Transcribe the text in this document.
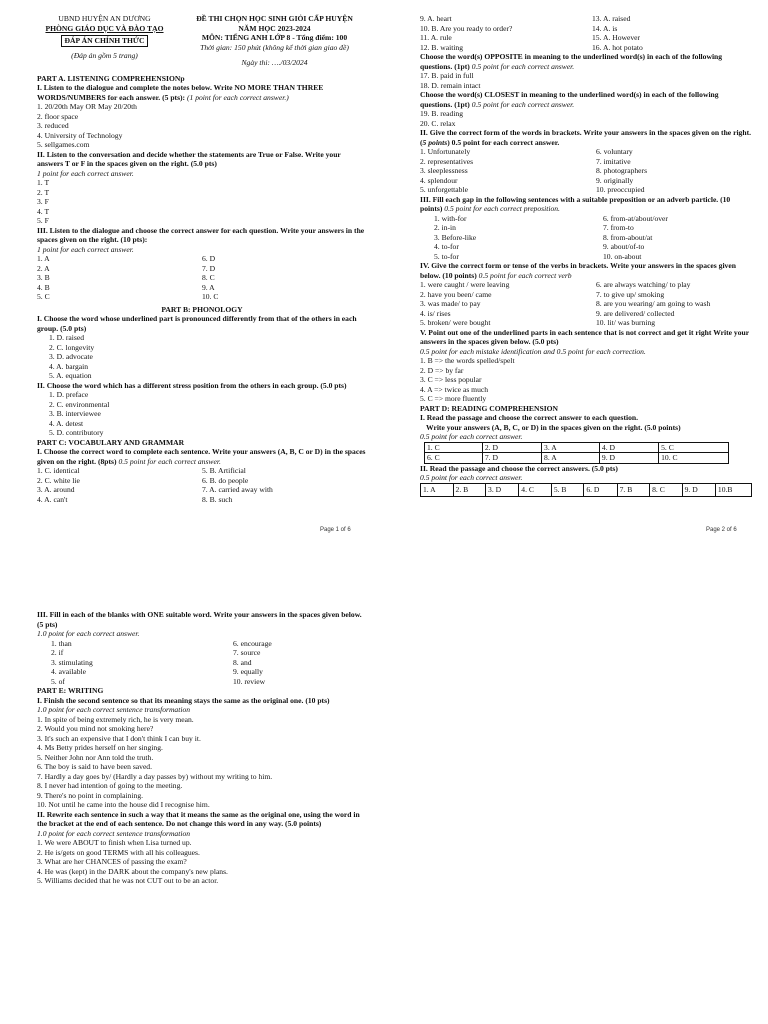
UBND HUYỆN AN DƯƠNG
PHÒNG GIÁO DỤC VÀ ĐÀO TẠO
ĐÁP ÁN CHÍNH THỨC
(Đáp án gồm 5 trang)
ĐỀ THI CHỌN HỌC SINH GIỎI CẤP HUYỆN
NĂM HỌC 2023-2024
MÔN: TIẾNG ANH LỚP 8 - Tổng điểm: 100
Thời gian: 150 phút (không kể thời gian giao đề)
Ngày thi: …./03/2024
PART A. LISTENING COMPREHENSIONp
I. Listen to the dialogue and complete the notes below. Write NO MORE THAN THREE WORDS/NUMBERS for each answer. (5 pts): (1 point for each correct answer.)
1. 20/20th May OR May 20/20th
2. floor space
3. reduced
4. University of Technology
5. sellgames.com
II. Listen to the conversation and decide whether the statements are True or False. Write your answers T or F in the spaces given on the right. (5.0 pts)
1 point for each correct answer.
1. T
2. T
3. F
4. T
5. F
III. Listen to the dialogue and choose the correct answer for each question. Write your answers in the spaces given on the right. (10 pts):
1 point for each correct answer.
1. A	6. D
2. A	7. D
3. B	8. C
4. B	9. A
5. C	10. C
PART B: PHONOLOGY
I. Choose the word whose underlined part is pronounced differently from that of the others in each group. (5.0 pts)
1. D. raised
2. C. longevity
3. D. advocate
4. A. bargain
5. A. equation
II. Choose the word which has a different stress position from the others in each group. (5.0 pts)
1. D. preface
2. C. environmental
3. B. interviewee
4. A. detest
5. D. contributory
PART C: VOCABULARY AND GRAMMAR
I. Choose the correct word to complete each sentence. Write your answers (A, B, C or D) in the spaces given on the right. (8pts) 0.5 point for each correct answer.
1. C. identical	5. B. Artificial
2. C. white lie	6. B. do people
3. A. around	7. A. carried away with
4. A. can't	8. B. such
Page 1 of 6
9. A. heart	13. A. raised
10. B. Are you ready to order?	14. A. is
11. A. rule	15. A. However
12. B. waiting	16. A. hot potato
Choose the word(s) OPPOSITE in meaning to the underlined word(s) in each of the following questions. (1pt) 0.5 point for each correct answer.
17. B. paid in full
18. D. remain intact
Choose the word(s) CLOSEST in meaning to the underlined word(s) in each of the following questions. (1pt) 0.5 point for each correct answer.
19. B. reading
20. C. relax
II. Give the correct form of the words in brackets. Write your answers in the spaces given on the right. (5 points) 0.5 point for each correct answer.
1. Unfortunately	6. voluntary
2. representatives	7. imitative
3. sleeplessness	8. photographers
4. splendour	9. originally
5. unforgettable	10. preoccupied
III. Fill each gap in the following sentences with a suitable preposition or an adverb particle. (10 points) 0.5 point for each correct preposition.
1. with-for	6. from-at/about/over
2. in-in	7. from-to
3. Before-like	8. from-about/at
4. to-for	9. about/of-to
5. to-for	10. on-about
IV. Give the correct form or tense of the verbs in brackets. Write your answers in the spaces given below. (10 points) 0.5 point for each correct verb
1. were caught / were leaving	6. are always watching/ to play
2. have you been/ came	7. to give up/ smoking
3. was made/ to pay	8. are you wearing/ am going to wash
4. is/ rises	9. are delivered/ collected
5. broken/ were bought	10. lit/ was burning
V. Point out one of the underlined parts in each sentence that is not correct and get it right Write your answers in the spaces given below. (5.0 pts)
0.5 point for each mistake identification and 0.5 point for each correction.
1. B => the words spelled/spelt
2. D => by far
3. C => less popular
4. A => twice as much
5. C => more fluently
PART D: READING COMPREHENSION
I. Read the passage and choose the correct answer to each question.
Write your answers (A, B, C, or D) in the spaces given on the right. (5.0 points)
0.5 point for each correct answer.
1. C	2. D	3. A	4. D	5. C
6. C	7. D	8. A	9. D	10. C
II. Read the passage and choose the correct answers. (5.0 pts)
0.5 point for each correct answer.
1. A	2. B	3. D	4. C	5. B	6. D	7. B	8. C	9. D	10.B
Page 2 of 6
III. Fill in each of the blanks with ONE suitable word. Write your answers in the spaces given below. (5 pts)
1.0 point for each correct answer.
1. than	6. encourage
2. if	7. source
3. stimulating	8. and
4. available	9. equally
5. of	10. review
PART E: WRITING
I. Finish the second sentence so that its meaning stays the same as the original one. (10 pts)
1.0 point for each correct sentence transformation
1. In spite of being extremely rich, he is very mean.
2. Would you mind not smoking here?
3. It's such an expensive that I don't think I can buy it.
4. Ms Betty prides herself on her singing.
5. Neither John nor Ann told the truth.
6. The boy is said to have been saved.
7. Hardly a day goes by/ (Hardly a day passes by) without my writing to him.
8. I never had intention of going to the meeting.
9. There's no point in complaining.
10. Not until he came into the house did I recognise him.
II. Rewrite each sentence in such a way that it means the same as the original one, using the word in the bracket at the end of each sentence. Do not change this word in any way. (5.0 points)
1.0 point for each correct sentence transformation
1. We were ABOUT to finish when Lisa turned up.
2. He is/gets on good TERMS with all his colleagues.
3. What are her CHANCES of passing the exam?
4. He was (kept) in the DARK about the company's new plans.
5. Williams decided that he was not CUT out to be an actor.
